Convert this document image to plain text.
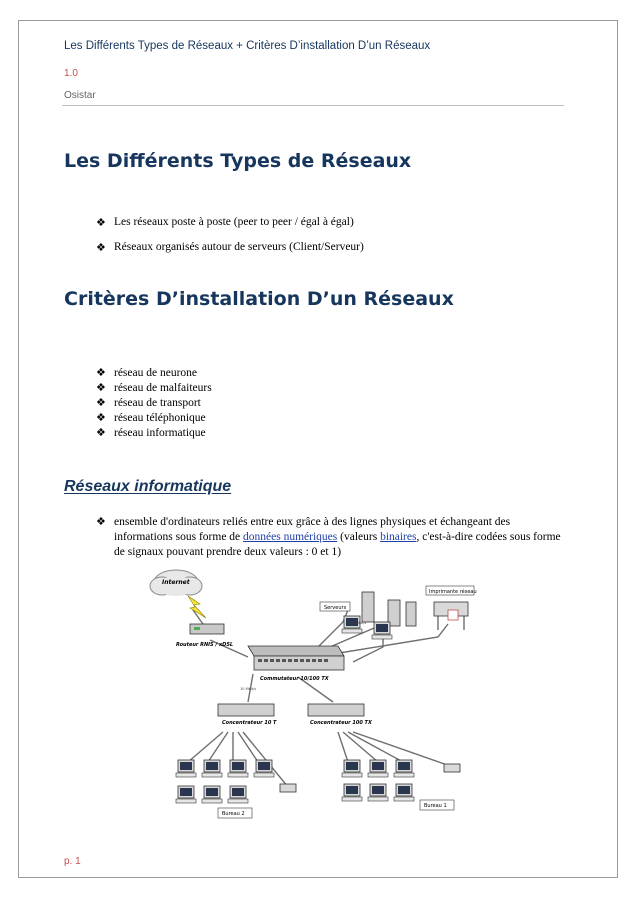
Les Différents Types de Réseaux + Critères D’installation D’un Réseaux
1.0
Osistar
Les Différents Types de Réseaux
❖ Les réseaux poste à poste (peer to peer / égal à égal)
❖ Réseaux organisés autour de serveurs (Client/Serveur)
Critères D’installation D’un Réseaux
❖ réseau de neurone
❖ réseau de malfaiteurs
❖ réseau de transport
❖ réseau téléphonique
❖ réseau informatique
Réseaux informatique
❖ ensemble d'ordinateurs reliés entre eux grâce à des lignes physiques et échangeant des informations sous forme de données numériques (valeurs binaires, c'est-à-dire codées sous forme de signaux pouvant prendre deux valeurs : 0 et 1)
Internet
Routeur RNIS / xDSL
Serveurs
Imprimante réseau
Commutateur 10/100 TX
100 Mbit/s
10 Mbit/s
Concentrateur 10 T	Concentrateur 100 TX
Bureau 2
Bureau 1
p. 1
